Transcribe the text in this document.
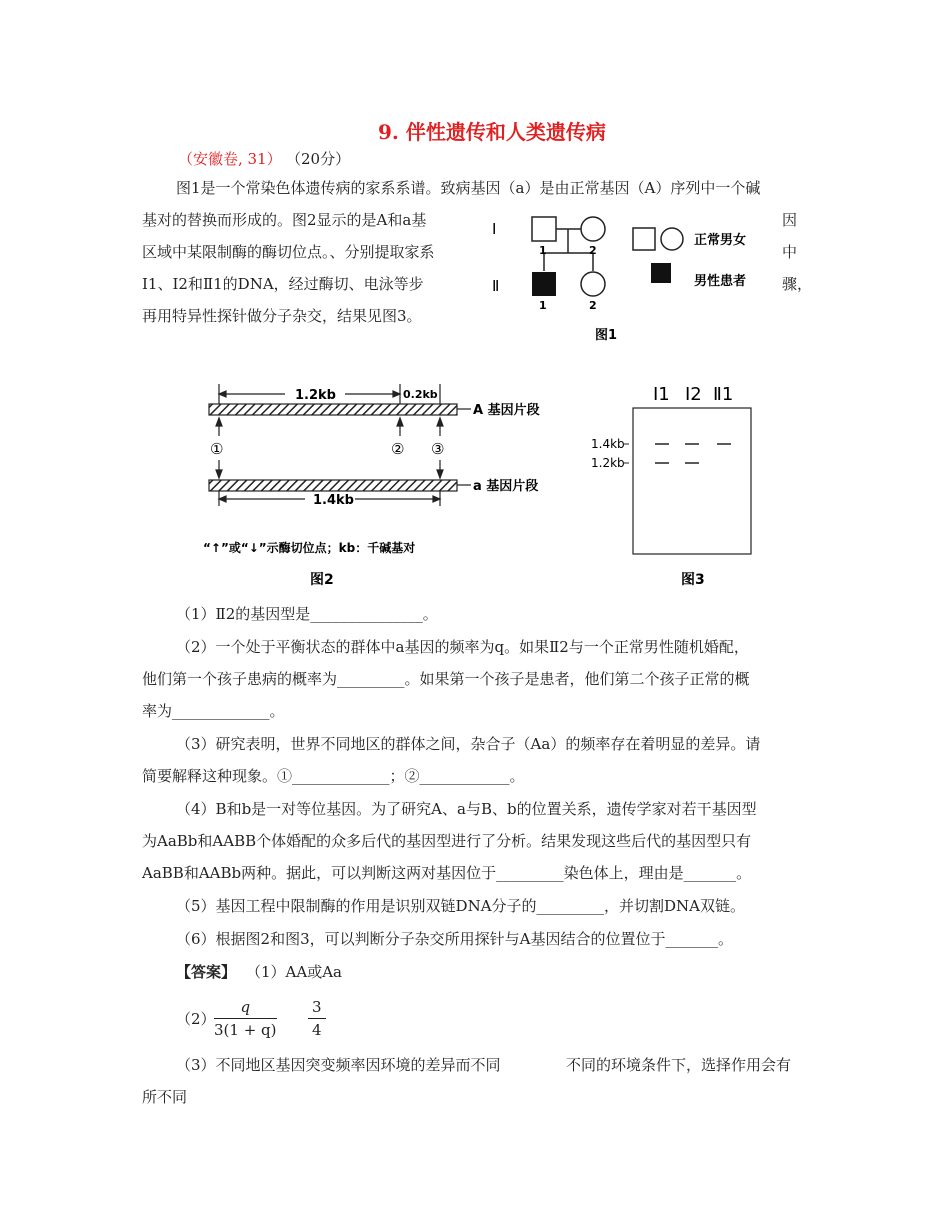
9. 伴性遗传和人类遗传病
（安徽卷, 31） （20分）
图1是一个常染色体遗传病的家系系谱。致病基因（a）是由正常基因（A）序列中一个碱
基对的替换而形成的。图2显示的是A和a基	因
区域中某限制酶的酶切位点。、分别提取家系	中
Ⅰ1、Ⅰ2和Ⅱ1的DNA，经过酶切、电泳等步	骤，
再用特异性探针做分子杂交，结果见图3。
Ⅰ
Ⅱ
1	2
1	2
正常男女
男性患者
图1
1.2kb	0.2kb
A 基因片段
①	② ③
a 基因片段
1.4kb
“↑”或“↓”示酶切位点；kb：千碱基对
图2
Ⅰ1 Ⅰ2 Ⅱ1
1.4kb
1.2kb
图3
（1）Ⅱ2的基因型是_______________。
（2）一个处于平衡状态的群体中a基因的频率为q。如果Ⅱ2与一个正常男性随机婚配，
他们第一个孩子患病的概率为_________。如果第一个孩子是患者，他们第二个孩子正常的概
率为_____________。
（3）研究表明，世界不同地区的群体之间，杂合子（Aa）的频率存在着明显的差异。请
简要解释这种现象。①_____________；②____________。
（4）B和b是一对等位基因。为了研究A、a与B、b的位置关系，遗传学家对若干基因型
为AaBb和AABB个体婚配的众多后代的基因型进行了分析。结果发现这些后代的基因型只有
AaBB和AABb两种。据此，可以判断这两对基因位于_________染色体上，理由是_______。
（5）基因工程中限制酶的作用是识别双链DNA分子的_________，并切割DNA双链。
（6）根据图2和图3，可以判断分子杂交所用探针与A基因结合的位置位于_______。
【答案】 （1）AA或Aa
（2）
$\frac{q}{3(1 + q)} \frac{3}{4}$
（3）不同地区基因突变频率因环境的差异而不同	不同的环境条件下，选择作用会有
所不同
